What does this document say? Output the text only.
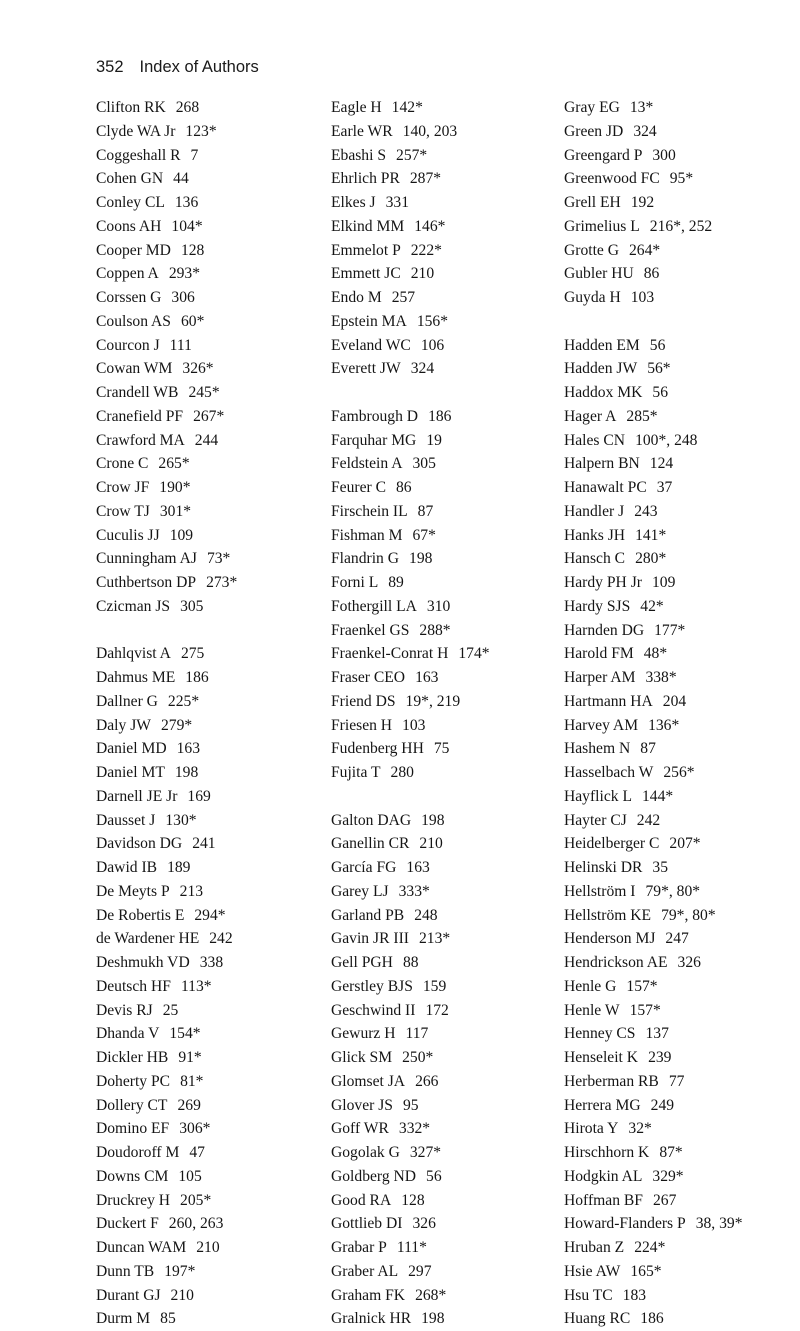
352 Index of Authors
Clifton RK 268
Clyde WA Jr 123*
Coggeshall R 7
Cohen GN 44
Conley CL 136
Coons AH 104*
Cooper MD 128
Coppen A 293*
Corssen G 306
Coulson AS 60*
Courcon J 111
Cowan WM 326*
Crandell WB 245*
Cranefield PF 267*
Crawford MA 244
Crone C 265*
Crow JF 190*
Crow TJ 301*
Cuculis JJ 109
Cunningham AJ 73*
Cuthbertson DP 273*
Czicman JS 305
Dahlqvist A 275
Dahmus ME 186
Dallner G 225*
Daly JW 279*
Daniel MD 163
Daniel MT 198
Darnell JE Jr 169
Dausset J 130*
Davidson DG 241
Dawid IB 189
De Meyts P 213
De Robertis E 294*
de Wardener HE 242
Deshmukh VD 338
Deutsch HF 113*
Devis RJ 25
Dhanda V 154*
Dickler HB 91*
Doherty PC 81*
Dollery CT 269
Domino EF 306*
Doudoroff M 47
Downs CM 105
Druckrey H 205*
Duckert F 260, 263
Duncan WAM 210
Dunn TB 197*
Durant GJ 210
Durm M 85
Eagle H 142*
Earle WR 140, 203
Ebashi S 257*
Ehrlich PR 287*
Elkes J 331
Elkind MM 146*
Emmelot P 222*
Emmett JC 210
Endo M 257
Epstein MA 156*
Eveland WC 106
Everett JW 324
Fambrough D 186
Farquhar MG 19
Feldstein A 305
Feurer C 86
Firschein IL 87
Fishman M 67*
Flandrin G 198
Forni L 89
Fothergill LA 310
Fraenkel GS 288*
Fraenkel-Conrat H 174*
Fraser CEO 163
Friend DS 19*, 219
Friesen H 103
Fudenberg HH 75
Fujita T 280
Galton DAG 198
Ganellin CR 210
García FG 163
Garey LJ 333*
Garland PB 248
Gavin JR III 213*
Gell PGH 88
Gerstley BJS 159
Geschwind II 172
Gewurz H 117
Glick SM 250*
Glomset JA 266
Glover JS 95
Goff WR 332*
Gogolak G 327*
Goldberg ND 56
Good RA 128
Gottlieb DI 326
Grabar P 111*
Graber AL 297
Graham FK 268*
Gralnick HR 198
Gray EG 13*
Green JD 324
Greengard P 300
Greenwood FC 95*
Grell EH 192
Grimelius L 216*, 252
Grotte G 264*
Gubler HU 86
Guyda H 103
Hadden EM 56
Hadden JW 56*
Haddox MK 56
Hager A 285*
Hales CN 100*, 248
Halpern BN 124
Hanawalt PC 37
Handler J 243
Hanks JH 141*
Hansch C 280*
Hardy PH Jr 109
Hardy SJS 42*
Harnden DG 177*
Harold FM 48*
Harper AM 338*
Hartmann HA 204
Harvey AM 136*
Hashem N 87
Hasselbach W 256*
Hayflick L 144*
Hayter CJ 242
Heidelberger C 207*
Helinski DR 35
Hellström I 79*, 80*
Hellström KE 79*, 80*
Henderson MJ 247
Hendrickson AE 326
Henle G 157*
Henle W 157*
Henney CS 137
Henseleit K 239
Herberman RB 77
Herrera MG 249
Hirota Y 32*
Hirschhorn K 87*
Hodgkin AL 329*
Hoffman BF 267
Howard-Flanders P 38, 39*
Hruban Z 224*
Hsie AW 165*
Hsu TC 183
Huang RC 186
